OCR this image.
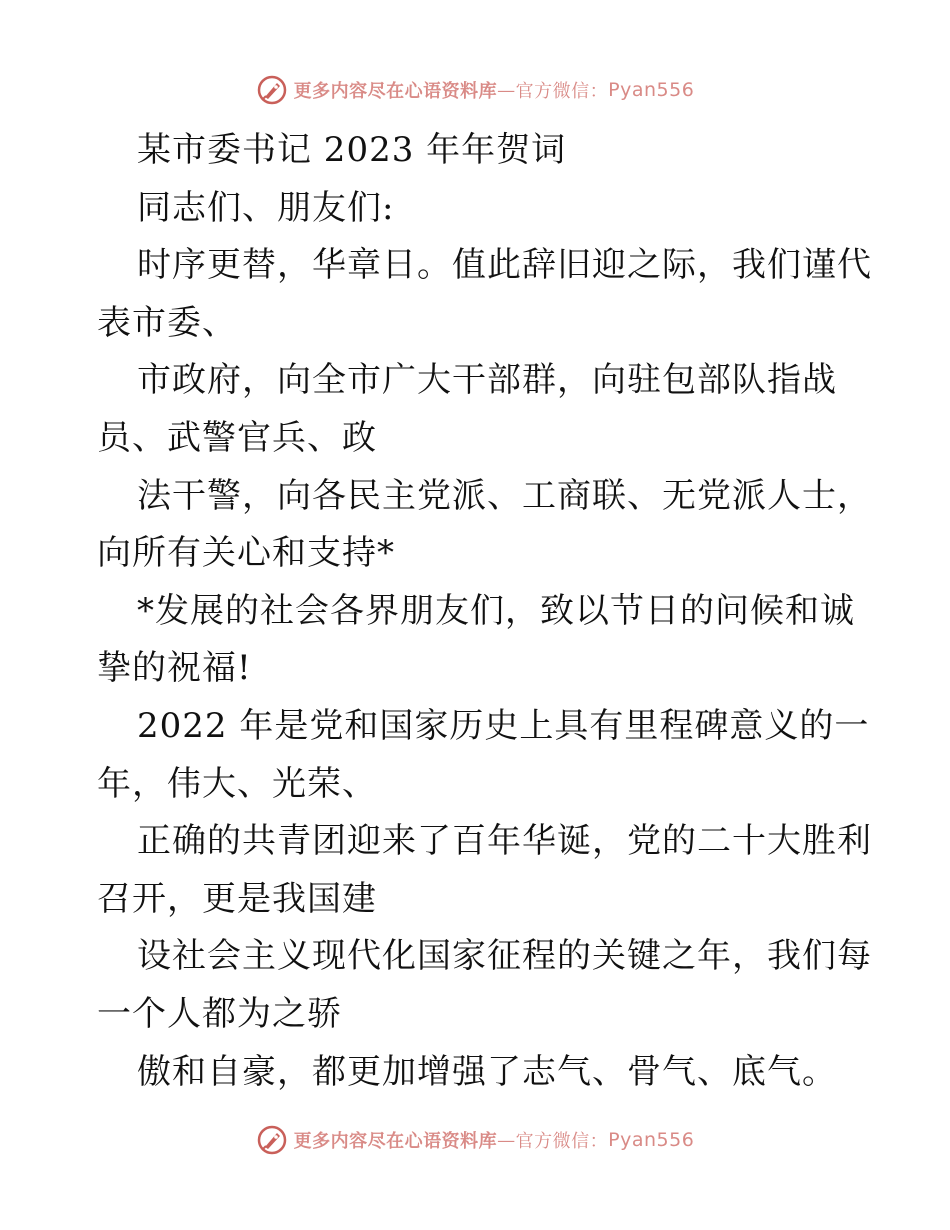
更多内容尽在心语资料库 — 官方微信： Pyan556
某市委书记 2023 年年贺词
同志们、朋友们:
时序更替，华章日。值此辞旧迎之际，我们谨代
表市委、
市政府，向全市广大干部群，向驻包部队指战
员、武警官兵、政
法干警，向各民主党派、工商联、无党派人士，
向所有关心和支持*
*发展的社会各界朋友们，致以节日的问候和诚
挚的祝福!
2022 年是党和国家历史上具有里程碑意义的一
年，伟大、光荣、
正确的共青团迎来了百年华诞，党的二十大胜利
召开，更是我国建
设社会主义现代化国家征程的关键之年，我们每
一个人都为之骄
傲和自豪，都更加增强了志气、骨气、底气。
更多内容尽在心语资料库 — 官方微信： Pyan556
